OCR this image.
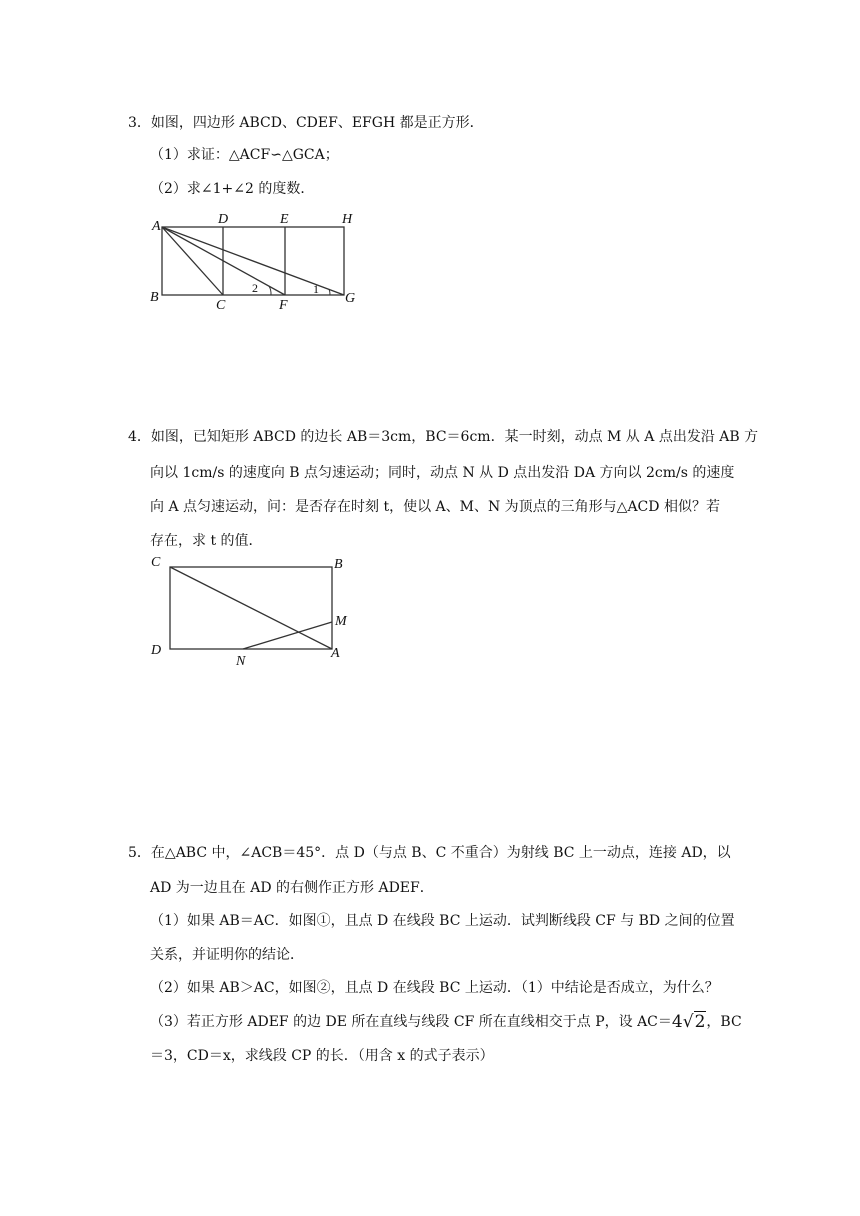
3．如图，四边形 ABCD、CDEF、EFGH 都是正方形．
（1）求证：△ACF∽△GCA；
（2）求∠1+∠2 的度数．
A	D	E	H
B
C	F	G
2	1
4．如图，已知矩形 ABCD 的边长 AB＝3cm，BC＝6cm．某一时刻，动点 M 从 A 点出发沿 AB 方
向以 1cm/s 的速度向 B 点匀速运动；同时，动点 N 从 D 点出发沿 DA 方向以 2cm/s 的速度
向 A 点匀速运动，问：是否存在时刻 t，使以 A、M、N 为顶点的三角形与△ACD 相似？若
存在，求 t 的值．
C	B
D	A
M
N
5．在△ABC 中，∠ACB＝45°．点 D（与点 B、C 不重合）为射线 BC 上一动点，连接 AD，以
AD 为一边且在 AD 的右侧作正方形 ADEF．
（1）如果 AB＝AC．如图①，且点 D 在线段 BC 上运动．试判断线段 CF 与 BD 之间的位置
关系，并证明你的结论．
（2）如果 AB＞AC，如图②，且点 D 在线段 BC 上运动．（1）中结论是否成立，为什么？
（3）若正方形 ADEF 的边 DE 所在直线与线段 CF 所在直线相交于点 P，设 AC＝4√2，BC
＝3，CD＝x，求线段 CP 的长．（用含 x 的式子表示）
